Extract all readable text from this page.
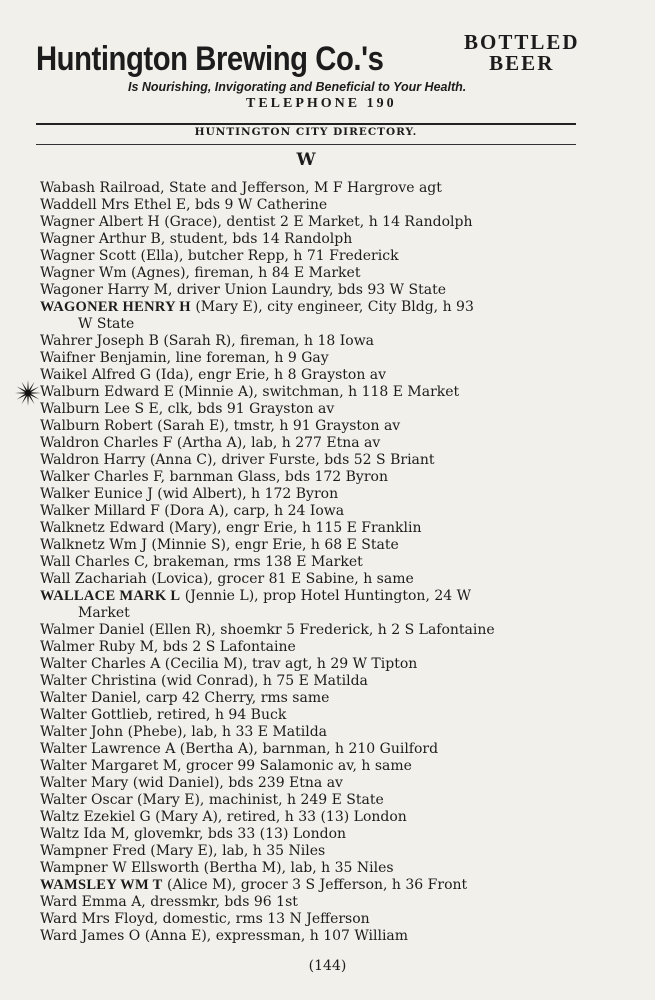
Huntington Brewing Co.'s	BOTTLED
BEER
Is Nourishing, Invigorating and Beneficial to Your Health.
TELEPHONE 190
HUNTINGTON CITY DIRECTORY.
W
Wabash Railroad, State and Jefferson, M F Hargrove agt
Waddell Mrs Ethel E, bds 9 W Catherine
Wagner Albert H (Grace), dentist 2 E Market, h 14 Randolph
Wagner Arthur B, student, bds 14 Randolph
Wagner Scott (Ella), butcher Repp, h 71 Frederick
Wagner Wm (Agnes), fireman, h 84 E Market
Wagoner Harry M, driver Union Laundry, bds 93 W State
WAGONER HENRY H (Mary E), city engineer, City Bldg, h 93
W State
Wahrer Joseph B (Sarah R), fireman, h 18 Iowa
Waifner Benjamin, line foreman, h 9 Gay
Waikel Alfred G (Ida), engr Erie, h 8 Grayston av
Walburn Edward E (Minnie A), switchman, h 118 E Market
Walburn Lee S E, clk, bds 91 Grayston av
Walburn Robert (Sarah E), tmstr, h 91 Grayston av
Waldron Charles F (Artha A), lab, h 277 Etna av
Waldron Harry (Anna C), driver Furste, bds 52 S Briant
Walker Charles F, barnman Glass, bds 172 Byron
Walker Eunice J (wid Albert), h 172 Byron
Walker Millard F (Dora A), carp, h 24 Iowa
Walknetz Edward (Mary), engr Erie, h 115 E Franklin
Walknetz Wm J (Minnie S), engr Erie, h 68 E State
Wall Charles C, brakeman, rms 138 E Market
Wall Zachariah (Lovica), grocer 81 E Sabine, h same
WALLACE MARK L (Jennie L), prop Hotel Huntington, 24 W
Market
Walmer Daniel (Ellen R), shoemkr 5 Frederick, h 2 S Lafontaine
Walmer Ruby M, bds 2 S Lafontaine
Walter Charles A (Cecilia M), trav agt, h 29 W Tipton
Walter Christina (wid Conrad), h 75 E Matilda
Walter Daniel, carp 42 Cherry, rms same
Walter Gottlieb, retired, h 94 Buck
Walter John (Phebe), lab, h 33 E Matilda
Walter Lawrence A (Bertha A), barnman, h 210 Guilford
Walter Margaret M, grocer 99 Salamonic av, h same
Walter Mary (wid Daniel), bds 239 Etna av
Walter Oscar (Mary E), machinist, h 249 E State
Waltz Ezekiel G (Mary A), retired, h 33 (13) London
Waltz Ida M, glovemkr, bds 33 (13) London
Wampner Fred (Mary E), lab, h 35 Niles
Wampner W Ellsworth (Bertha M), lab, h 35 Niles
WAMSLEY WM T (Alice M), grocer 3 S Jefferson, h 36 Front
Ward Emma A, dressmkr, bds 96 1st
Ward Mrs Floyd, domestic, rms 13 N Jefferson
Ward James O (Anna E), expressman, h 107 William
(144)
